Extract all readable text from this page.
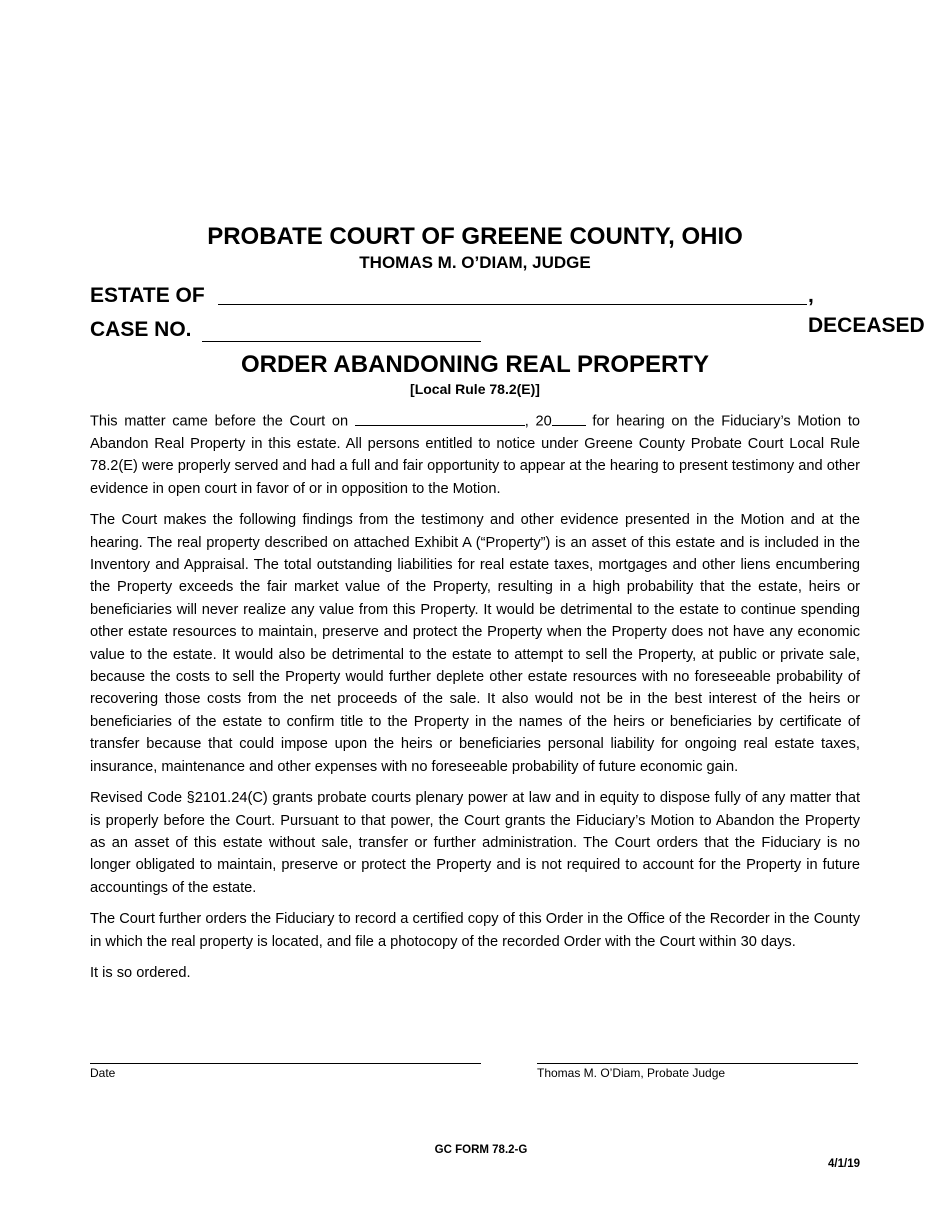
PROBATE COURT OF GREENE COUNTY, OHIO
THOMAS M. O’DIAM, JUDGE
ESTATE OF	, DECEASED
CASE NO.
ORDER ABANDONING REAL PROPERTY
[Local Rule 78.2(E)]

This matter came before the Court on	, 20 for hearing on the Fiduciary’s Motion to Abandon Real Property in this estate. All persons entitled to notice under Greene County Probate Court Local Rule 78.2(E) were properly served and had a full and fair opportunity to appear at the hearing to present testimony and other evidence in open court in favor of or in opposition to the Motion.

The Court makes the following findings from the testimony and other evidence presented in the Motion and at the hearing. The real property described on attached Exhibit A (“Property”) is an asset of this estate and is included in the Inventory and Appraisal. The total outstanding liabilities for real estate taxes, mortgages and other liens encumbering the Property exceeds the fair market value of the Property, resulting in a high probability that the estate, heirs or beneficiaries will never realize any value from this Property. It would be detrimental to the estate to continue spending other estate resources to maintain, preserve and protect the Property when the Property does not have any economic value to the estate. It would also be detrimental to the estate to attempt to sell the Property, at public or private sale, because the costs to sell the Property would further deplete other estate resources with no foreseeable probability of recovering those costs from the net proceeds of the sale. It also would not be in the best interest of the heirs or beneficiaries of the estate to confirm title to the Property in the names of the heirs or beneficiaries by certificate of transfer because that could impose upon the heirs or beneficiaries personal liability for ongoing real estate taxes, insurance, maintenance and other expenses with no foreseeable probability of future economic gain.

Revised Code §2101.24(C) grants probate courts plenary power at law and in equity to dispose fully of any matter that is properly before the Court. Pursuant to that power, the Court grants the Fiduciary’s Motion to Abandon the Property as an asset of this estate without sale, transfer or further administration. The Court orders that the Fiduciary is no longer obligated to maintain, preserve or protect the Property and is not required to account for the Property in future accountings of the estate.

The Court further orders the Fiduciary to record a certified copy of this Order in the Office of the Recorder in the County in which the real property is located, and file a photocopy of the recorded Order with the Court within 30 days.

It is so ordered.

Date	Thomas M. O’Diam, Probate Judge
GC FORM 78.2-G
4/1/19
